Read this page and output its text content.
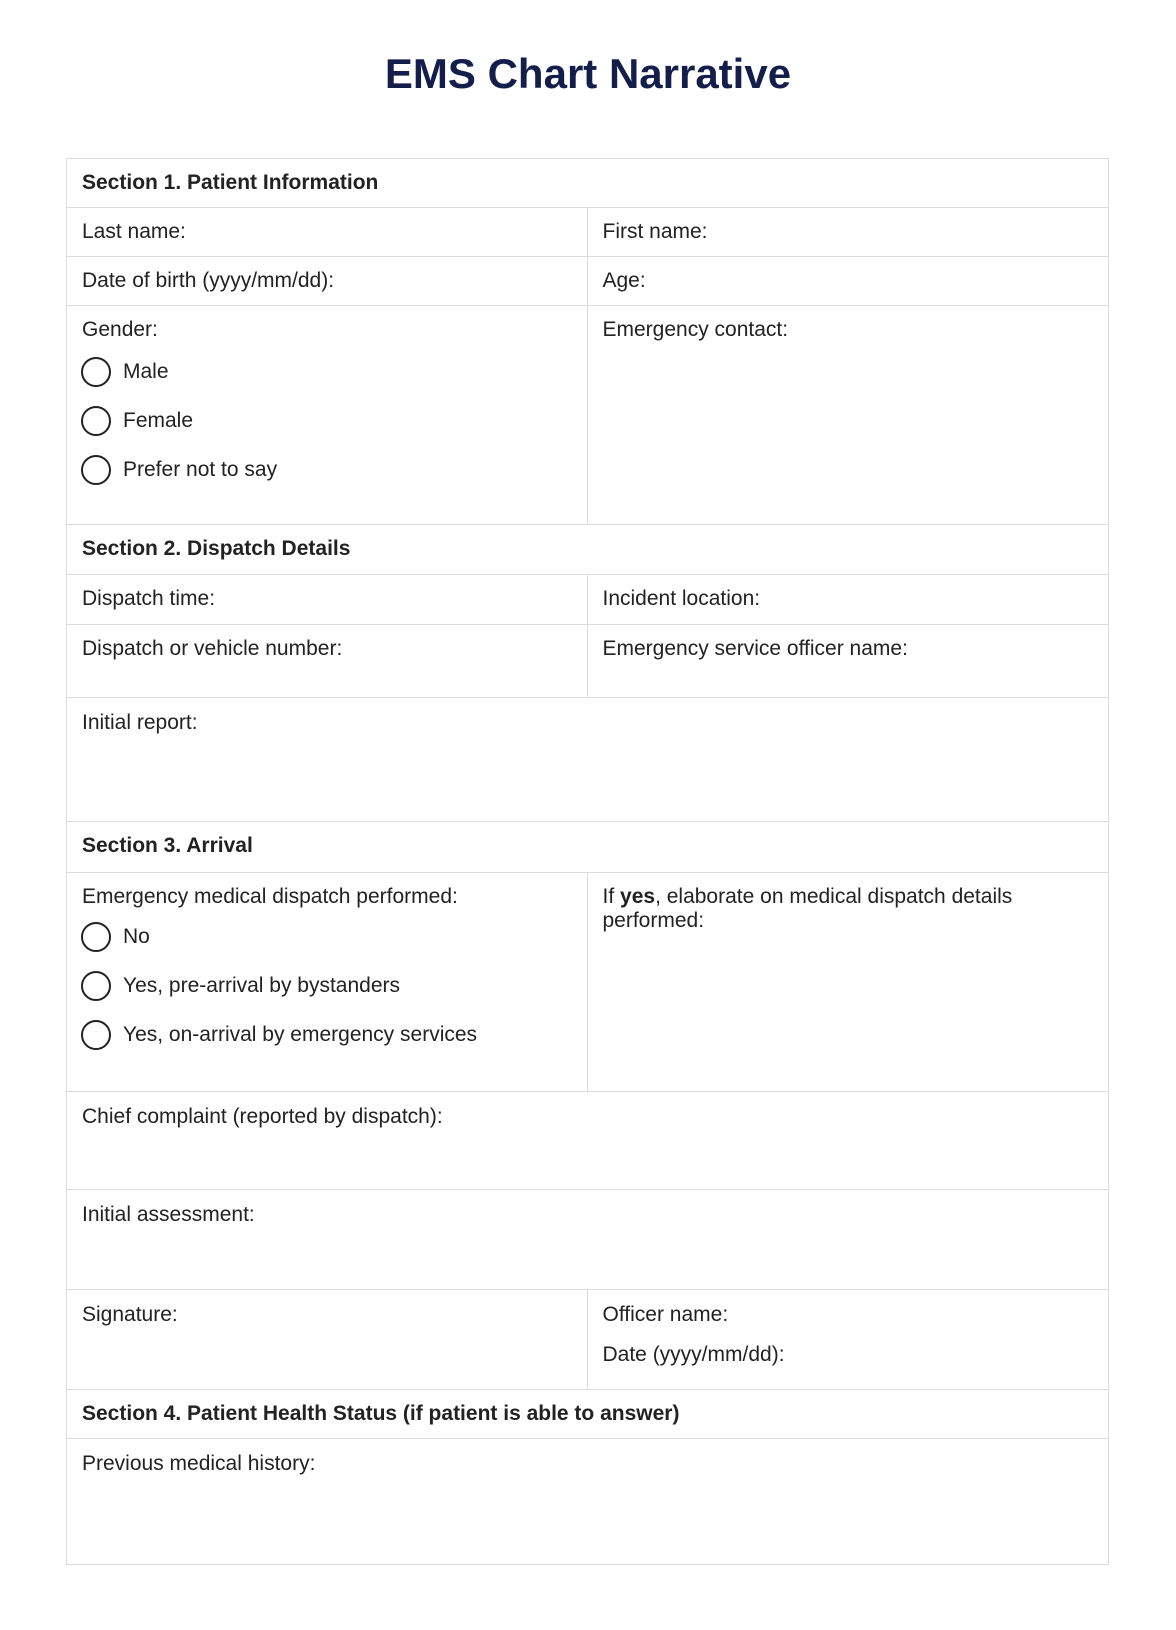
EMS Chart Narrative
Section 1. Patient Information
Last name:	First name:
Date of birth (yyyy/mm/dd):	Age:
Gender:
Male
Female
Prefer not to say
Emergency contact:
Section 2. Dispatch Details
Dispatch time:	Incident location:
Dispatch or vehicle number:	Emergency service officer name:
Initial report:
Section 3. Arrival
Emergency medical dispatch performed:
No
Yes, pre-arrival by bystanders
Yes, on-arrival by emergency services
If yes, elaborate on medical dispatch details performed:
Chief complaint (reported by dispatch):
Initial assessment:
Signature:	Officer name:
Date (yyyy/mm/dd):
Section 4. Patient Health Status (if patient is able to answer)
Previous medical history:
